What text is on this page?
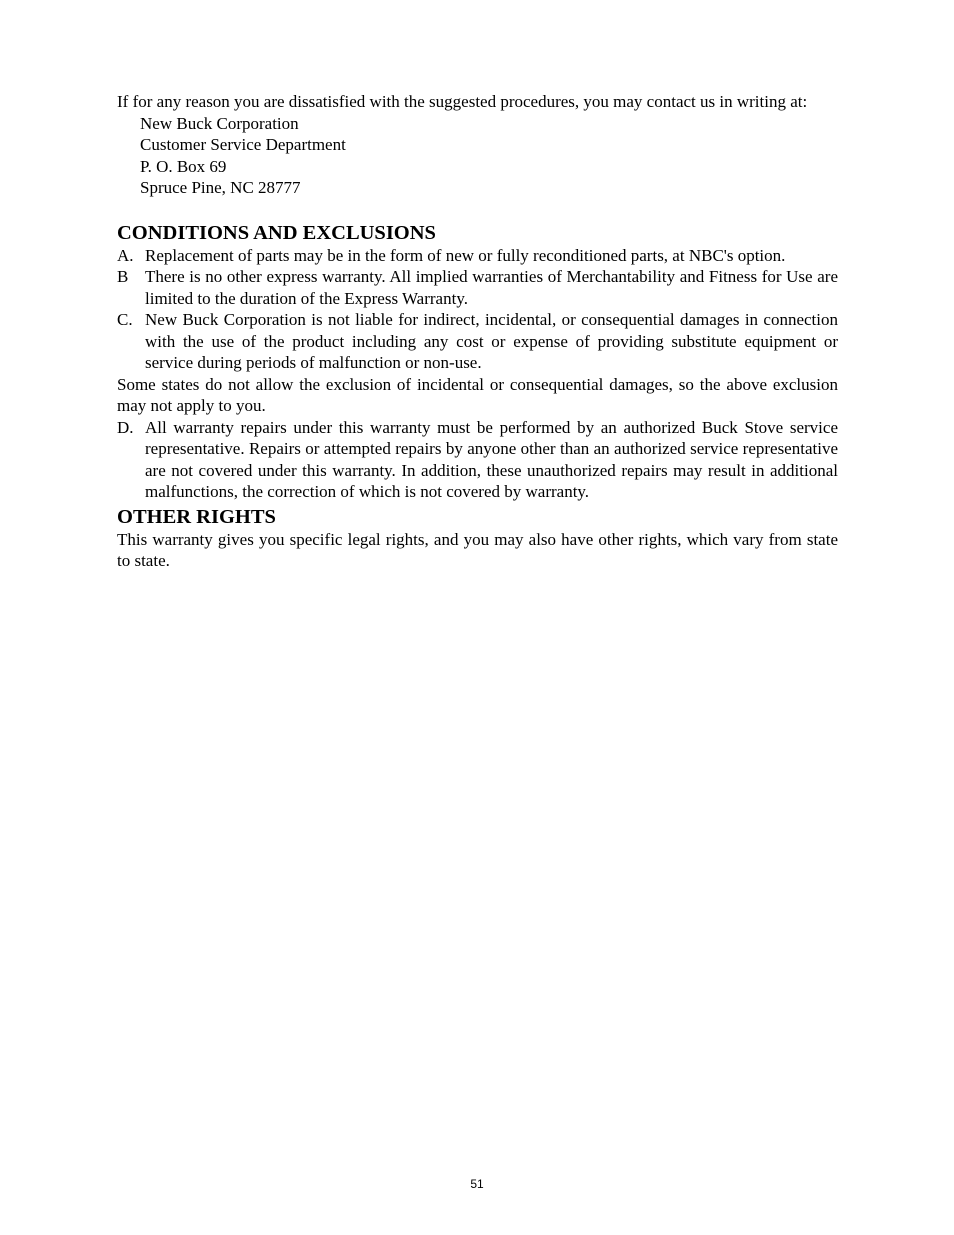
If for any reason you are dissatisfied with the suggested procedures, you may contact us in writing at:

New Buck Corporation
Customer Service Department
P. O. Box 69
Spruce Pine, NC 28777
CONDITIONS AND EXCLUSIONS
A. Replacement of parts may be in the form of new or fully reconditioned parts, at NBC's option.
B There is no other express warranty. All implied warranties of Merchantability and Fitness for Use are limited to the duration of the Express Warranty.
C. New Buck Corporation is not liable for indirect, incidental, or consequential damages in connection with the use of the product including any cost or expense of providing substitute equipment or service during periods of malfunction or non-use.

Some states do not allow the exclusion of incidental or consequential damages, so the above exclusion may not apply to you.

D. All warranty repairs under this warranty must be performed by an authorized Buck Stove service representative. Repairs or attempted repairs by anyone other than an authorized service representative are not covered under this warranty. In addition, these unauthorized repairs may result in additional malfunctions, the correction of which is not covered by warranty.
OTHER RIGHTS

This warranty gives you specific legal rights, and you may also have other rights, which vary from state to state.

51
